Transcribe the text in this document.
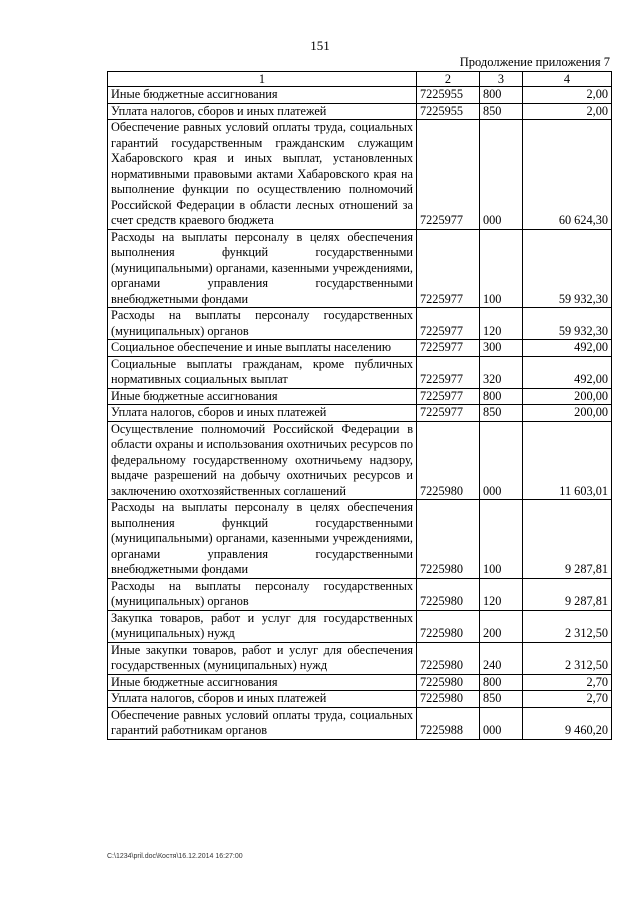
151
Продолжение приложения 7
1	2	3	4
Иные бюджетные ассигнования	7225955	800	2,00
Уплата налогов, сборов и иных платежей	7225955	850	2,00
Обеспечение равных условий оплаты труда, социальных гарантий государственным гражданским служащим Хабаровского края и иных выплат, установленных нормативными правовыми актами Хабаровского края на выполнение функции по осуществлению полномочий Российской Федерации в области лесных отношений за счет средств краевого бюджета	7225977	000	60 624,30
Расходы на выплаты персоналу в целях обеспечения выполнения функций государственными (муниципальными) органами, казенными учреждениями, органами управления государственными внебюджетными фондами	7225977	100	59 932,30
Расходы на выплаты персоналу государственных (муниципальных) органов	7225977	120	59 932,30
Социальное обеспечение и иные выплаты населению	7225977	300	492,00
Социальные выплаты гражданам, кроме публичных нормативных социальных выплат	7225977	320	492,00
Иные бюджетные ассигнования	7225977	800	200,00
Уплата налогов, сборов и иных платежей	7225977	850	200,00
Осуществление полномочий Российской Федерации в области охраны и использования охотничьих ресурсов по федеральному государственному охотничьему надзору, выдаче разрешений на добычу охотничьих ресурсов и заключению охотхозяйственных соглашений	7225980	000	11 603,01
Расходы на выплаты персоналу в целях обеспечения выполнения функций государственными (муниципальными) органами, казенными учреждениями, органами управления государственными внебюджетными фондами	7225980	100	9 287,81
Расходы на выплаты персоналу государственных (муниципальных) органов	7225980	120	9 287,81
Закупка товаров, работ и услуг для государственных (муниципальных) нужд	7225980	200	2 312,50
Иные закупки товаров, работ и услуг для обеспечения государственных (муниципальных) нужд	7225980	240	2 312,50
Иные бюджетные ассигнования	7225980	800	2,70
Уплата налогов, сборов и иных платежей	7225980	850	2,70
Обеспечение равных условий оплаты труда, социальных гарантий работникам органов	7225988	000	9 460,20
C:\1234\pril.doc\Костя\16.12.2014 16:27:00
